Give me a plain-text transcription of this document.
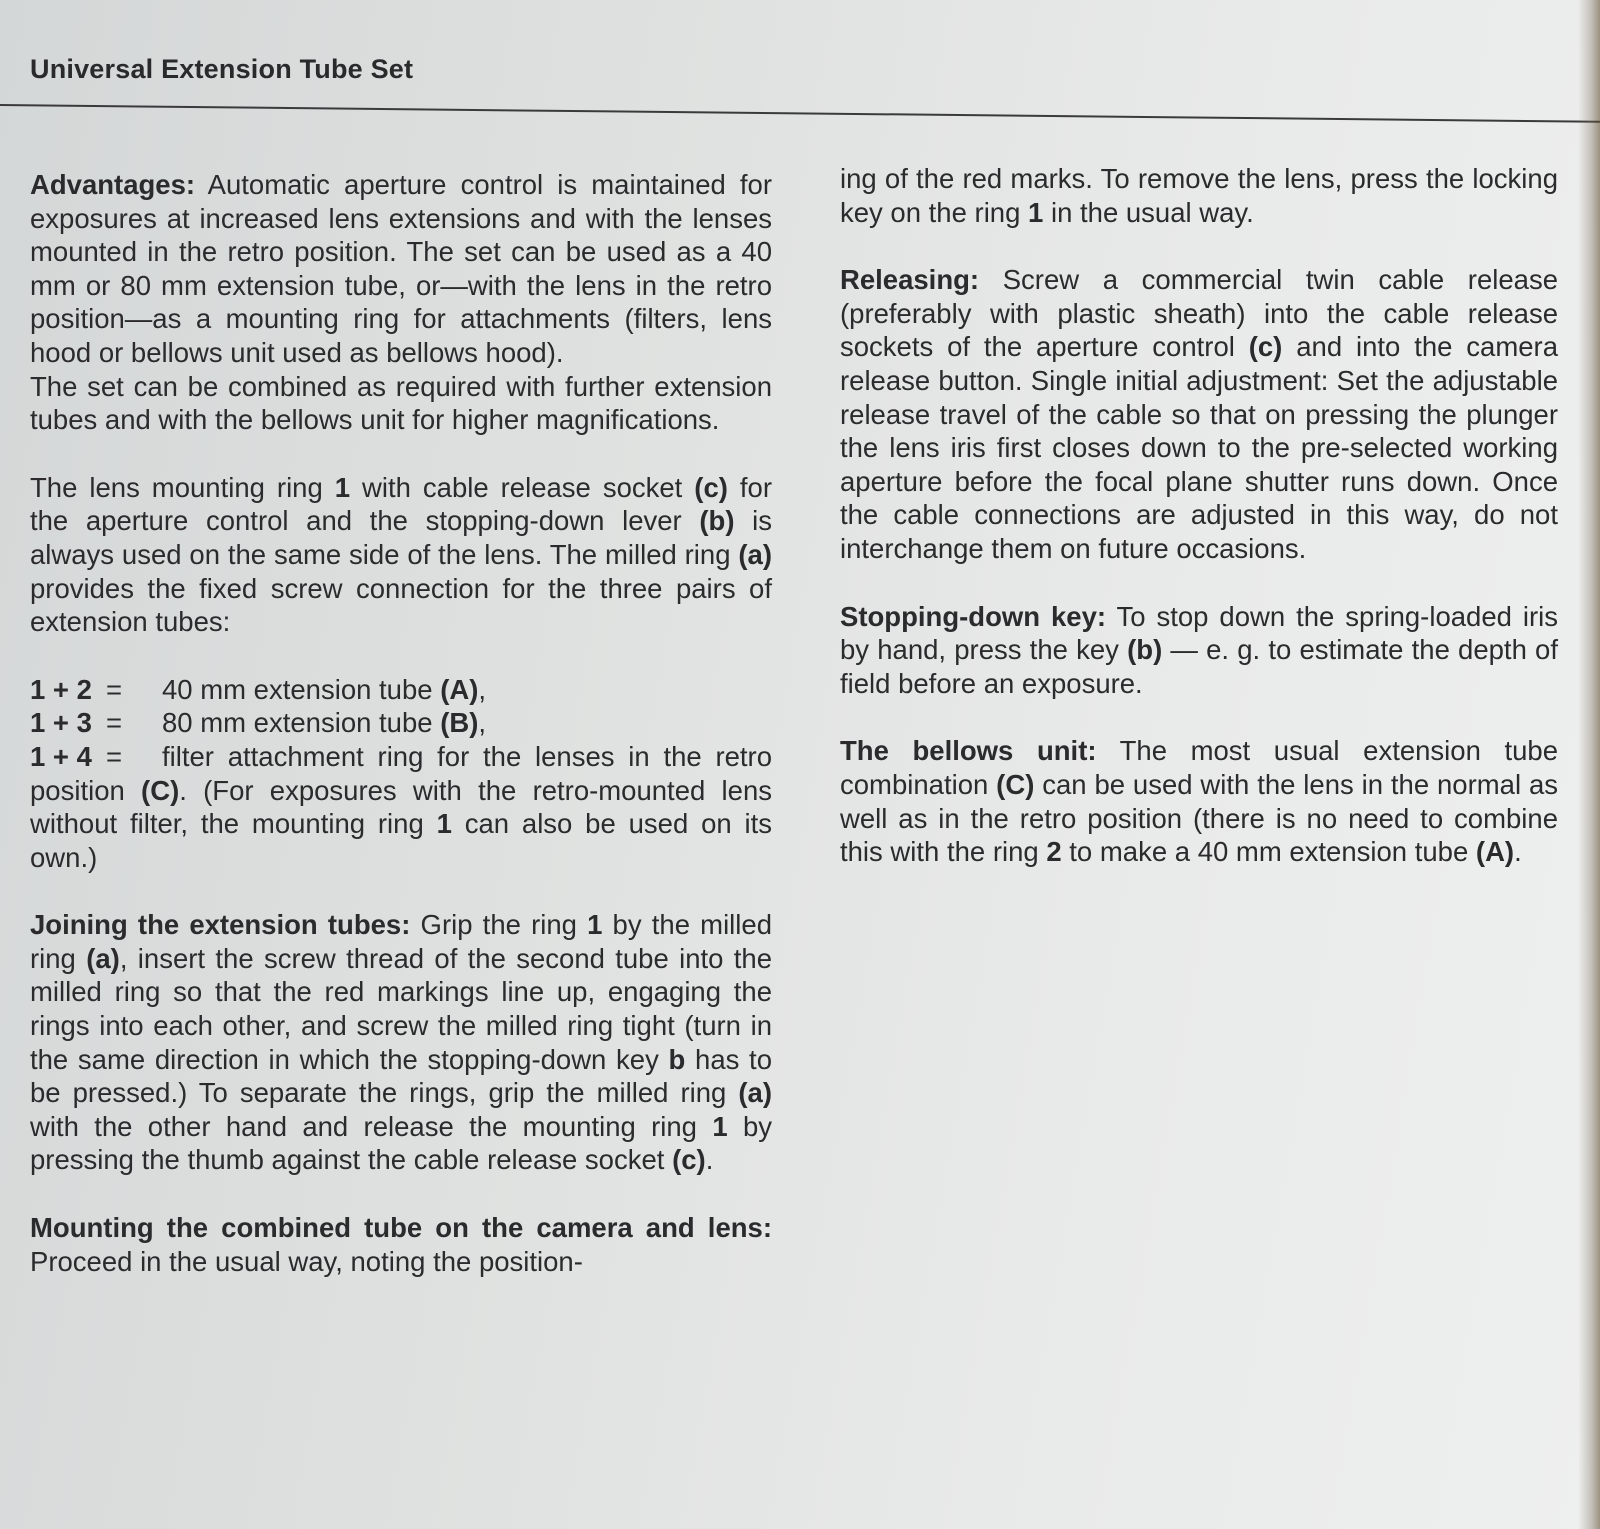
Universal Extension Tube Set

Advantages: Automatic aperture control is maintained for exposures at increased lens extensions and with the lenses mounted in the retro position. The set can be used as a 40 mm or 80 mm extension tube, or—with the lens in the retro position—as a mounting ring for attachments (filters, lens hood or bellows unit used as bellows hood).
The set can be combined as required with further extension tubes and with the bellows unit for higher magnifications.

The lens mounting ring 1 with cable release socket (c) for the aperture control and the stopping-down lever (b) is always used on the same side of the lens. The milled ring (a) provides the fixed screw connection for the three pairs of extension tubes:

1 + 2 = 40 mm extension tube (A),
1 + 3 = 80 mm extension tube (B),
1 + 4 = filter attachment ring for the lenses in the retro position (C). (For exposures with the retro-mounted lens without filter, the mounting ring 1 can also be used on its own.)

Joining the extension tubes: Grip the ring 1 by the milled ring (a), insert the screw thread of the second tube into the milled ring so that the red markings line up, engaging the rings into each other, and screw the milled ring tight (turn in the same direction in which the stopping-down key b has to be pressed.) To separate the rings, grip the milled ring (a) with the other hand and release the mounting ring 1 by pressing the thumb against the cable release socket (c).

Mounting the combined tube on the camera and lens: Proceed in the usual way, noting the position-

ing of the red marks. To remove the lens, press the locking key on the ring 1 in the usual way.

Releasing: Screw a commercial twin cable release (preferably with plastic sheath) into the cable release sockets of the aperture control (c) and into the camera release button. Single initial adjustment: Set the adjustable release travel of the cable so that on pressing the plunger the lens iris first closes down to the pre-selected working aperture before the focal plane shutter runs down. Once the cable connections are adjusted in this way, do not interchange them on future occasions.

Stopping-down key: To stop down the spring-loaded iris by hand, press the key (b) — e. g. to estimate the depth of field before an exposure.

The bellows unit: The most usual extension tube combination (C) can be used with the lens in the normal as well as in the retro position (there is no need to combine this with the ring 2 to make a 40 mm extension tube (A).
